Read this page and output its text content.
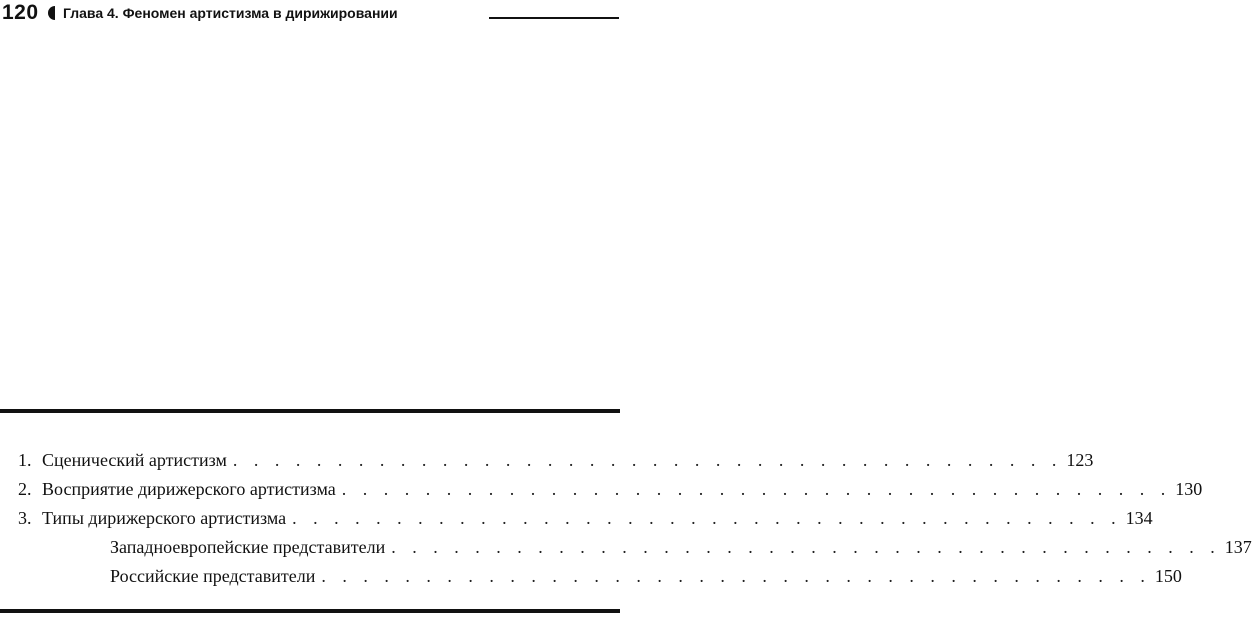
120 Глава 4. Феномен артистизма в дирижировании
1. Сценический артистизм . . . . . . . . . . . . . . . . . . . . . . . . . . . . . . . . . . . . . . . . 123
2. Восприятие дирижерского артистизма . . . . . . . . . . . . . . . . . . . . . . . . . . . . . . . . . . . . . . . . 130
3. Типы дирижерского артистизма . . . . . . . . . . . . . . . . . . . . . . . . . . . . . . . . . . . . . . . . 134
Западноевропейские представители . . . . . . . . . . . . . . . . . . . . . . . . . . . . . . . . . . . . . . . . 137
Российские представители . . . . . . . . . . . . . . . . . . . . . . . . . . . . . . . . . . . . . . . . 150
